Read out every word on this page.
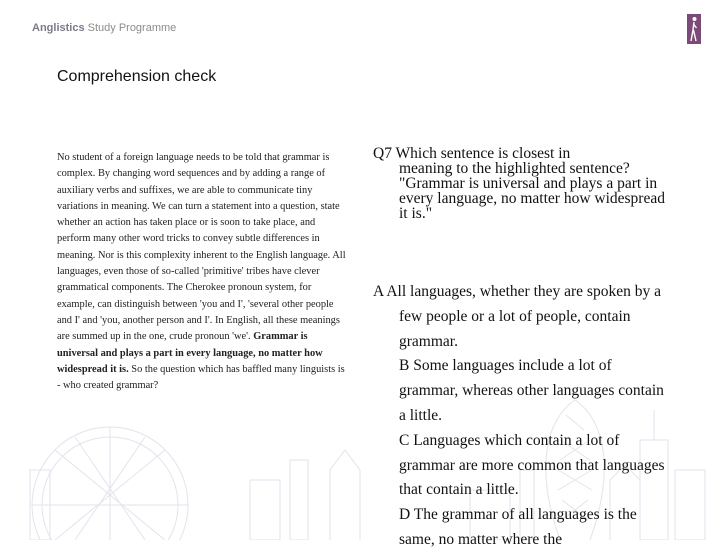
Anglistics Study Programme
Comprehension check
No student of a foreign language needs to be told that grammar is complex. By changing word sequences and by adding a range of auxiliary verbs and suffixes, we are able to communicate tiny variations in meaning. We can turn a statement into a question, state whether an action has taken place or is soon to take place, and perform many other word tricks to convey subtle differences in meaning. Nor is this complexity inherent to the English language. All languages, even those of so-called 'primitive' tribes have clever grammatical components. The Cherokee pronoun system, for example, can distinguish between 'you and I', 'several other people and I' and 'you, another person and I'. In English, all these meanings are summed up in the one, crude pronoun 'we'. Grammar is universal and plays a part in every language, no matter how widespread it is. So the question which has baffled many linguists is - who created grammar?
Q7 Which sentence is closest in
meaning to the highlighted sentence? "Grammar is universal and plays a part in every language, no matter how widespread it is."
A All languages, whether they are spoken by a few people or a lot of people, contain grammar.
B Some languages include a lot of grammar, whereas other languages contain a little.
C Languages which contain a lot of grammar are more common that languages that contain a little.
D The grammar of all languages is the same, no matter where the
